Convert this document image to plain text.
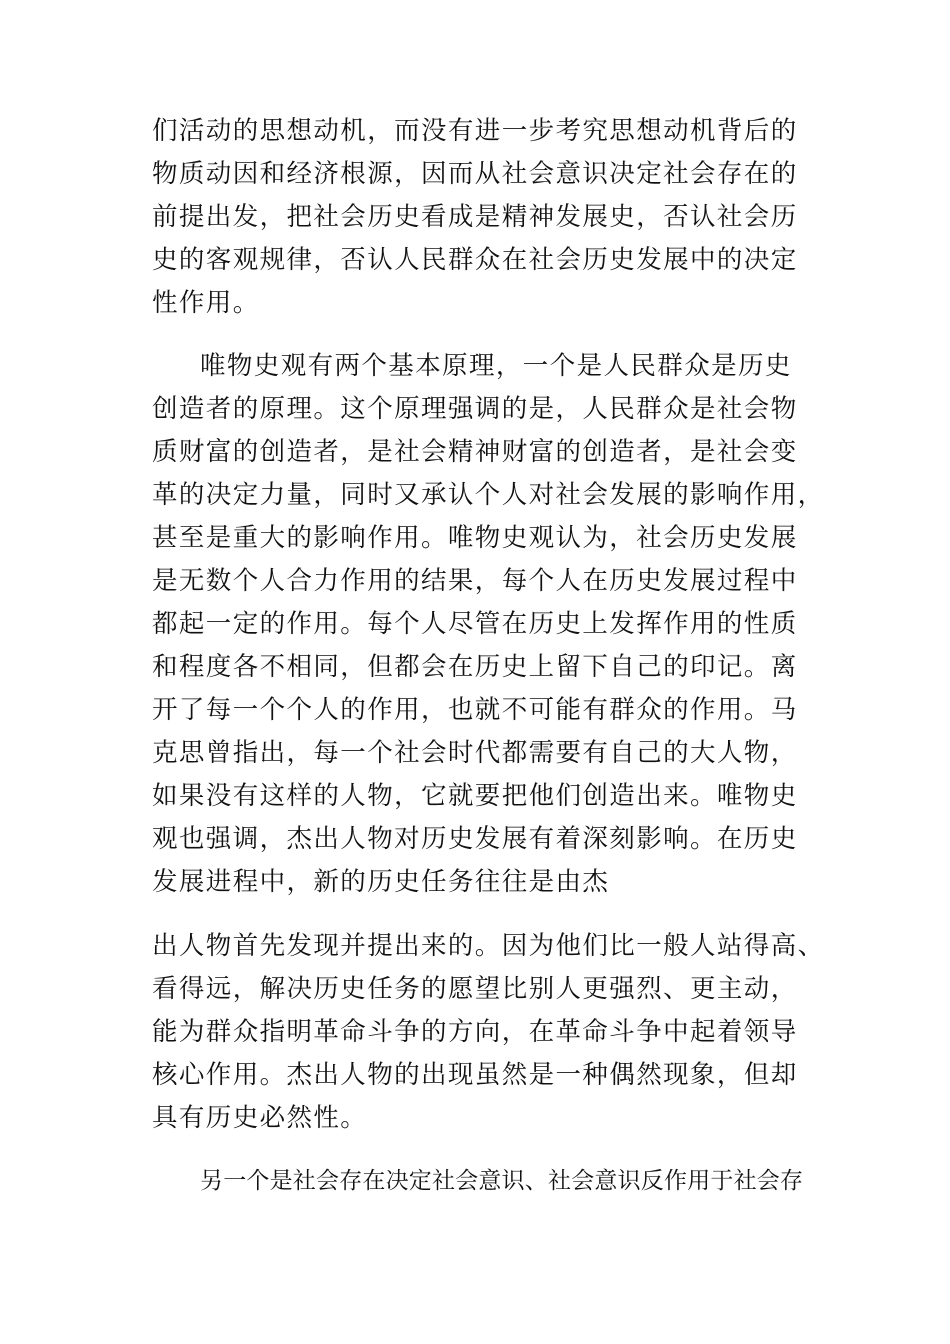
们活动的思想动机，而没有进一步考究思想动机背后的
物质动因和经济根源，因而从社会意识决定社会存在的
前提出发，把社会历史看成是精神发展史，否认社会历
史的客观规律，否认人民群众在社会历史发展中的决定
性作用。
唯物史观有两个基本原理，一个是人民群众是历史
创造者的原理。这个原理强调的是，人民群众是社会物
质财富的创造者，是社会精神财富的创造者，是社会变
革的决定力量，同时又承认个人对社会发展的影响作用，
甚至是重大的影响作用。唯物史观认为，社会历史发展
是无数个人合力作用的结果，每个人在历史发展过程中
都起一定的作用。每个人尽管在历史上发挥作用的性质
和程度各不相同，但都会在历史上留下自己的印记。离
开了每一个个人的作用，也就不可能有群众的作用。马
克思曾指出，每一个社会时代都需要有自己的大人物，
如果没有这样的人物，它就要把他们创造出来。唯物史
观也强调，杰出人物对历史发展有着深刻影响。在历史
发展进程中，新的历史任务往往是由杰
出人物首先发现并提出来的。因为他们比一般人站得高、
看得远，解决历史任务的愿望比别人更强烈、更主动，
能为群众指明革命斗争的方向，在革命斗争中起着领导
核心作用。杰出人物的出现虽然是一种偶然现象，但却
具有历史必然性。
另一个是社会存在决定社会意识、社会意识反作用于社会存
